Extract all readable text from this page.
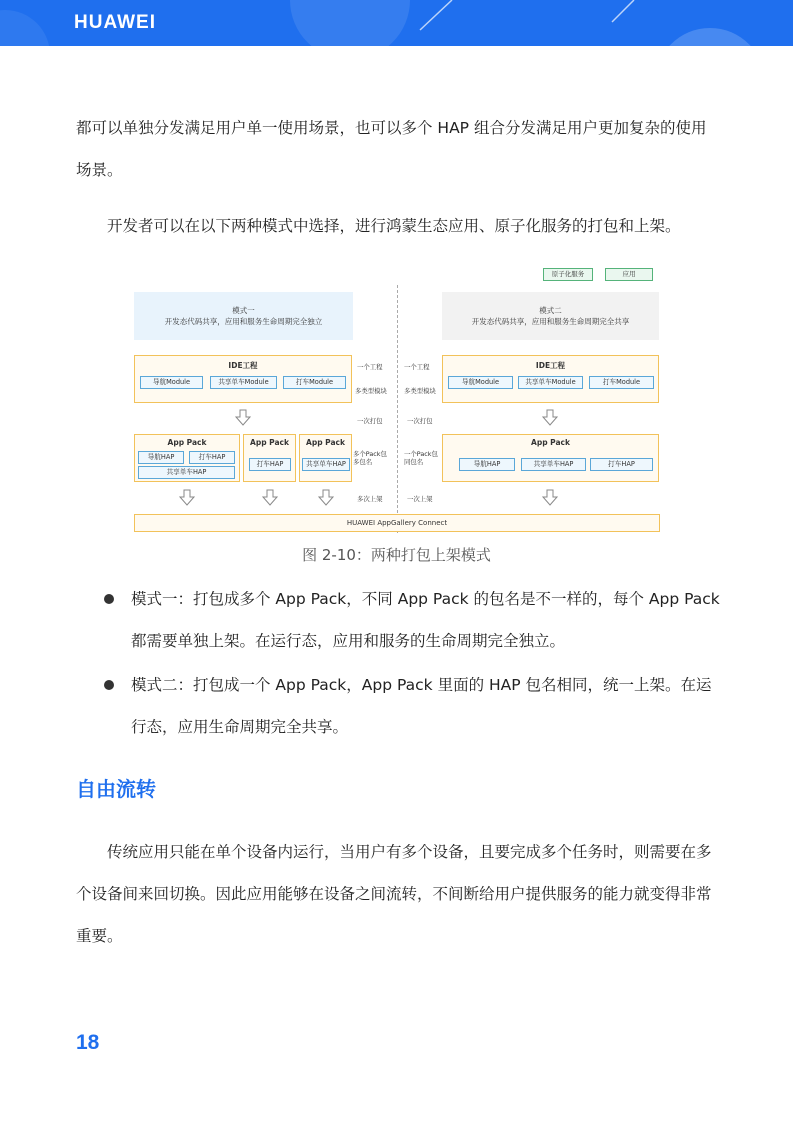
HUAWEI
都可以单独分发满足用户单一使用场景，也可以多个 HAP 组合分发满足用户更加复杂的使用场景。
开发者可以在以下两种模式中选择，进行鸿蒙生态应用、原子化服务的打包和上架。
原子化服务	应用
模式一
开发态代码共享，应用和服务生命周期完全独立
模式二
开发态代码共享，应用和服务生命周期完全共享
IDE工程
导航Module	共享单车Module	打车Module
IDE工程
导航Module	共享单车Module	打车Module
一个工程	一个工程
多类型模块	多类型模块
一次打包	一次打包
多个Pack包
多包名
一个Pack包
同包名
多次上架	一次上架
App Pack
导航HAP	打车HAP
共享单车HAP
App Pack
打车HAP
App Pack
共享单车HAP
App Pack
导航HAP	共享单车HAP	打车HAP
HUAWEI AppGallery Connect
图 2-10：两种打包上架模式
模式一：打包成多个 App Pack，不同 App Pack 的包名是不一样的，每个 App Pack 都需要单独上架。在运行态，应用和服务的生命周期完全独立。
模式二：打包成一个 App Pack，App Pack 里面的 HAP 包名相同，统一上架。在运行态，应用生命周期完全共享。
自由流转
传统应用只能在单个设备内运行，当用户有多个设备，且要完成多个任务时，则需要在多个设备间来回切换。因此应用能够在设备之间流转，不间断给用户提供服务的能力就变得非常重要。
18
